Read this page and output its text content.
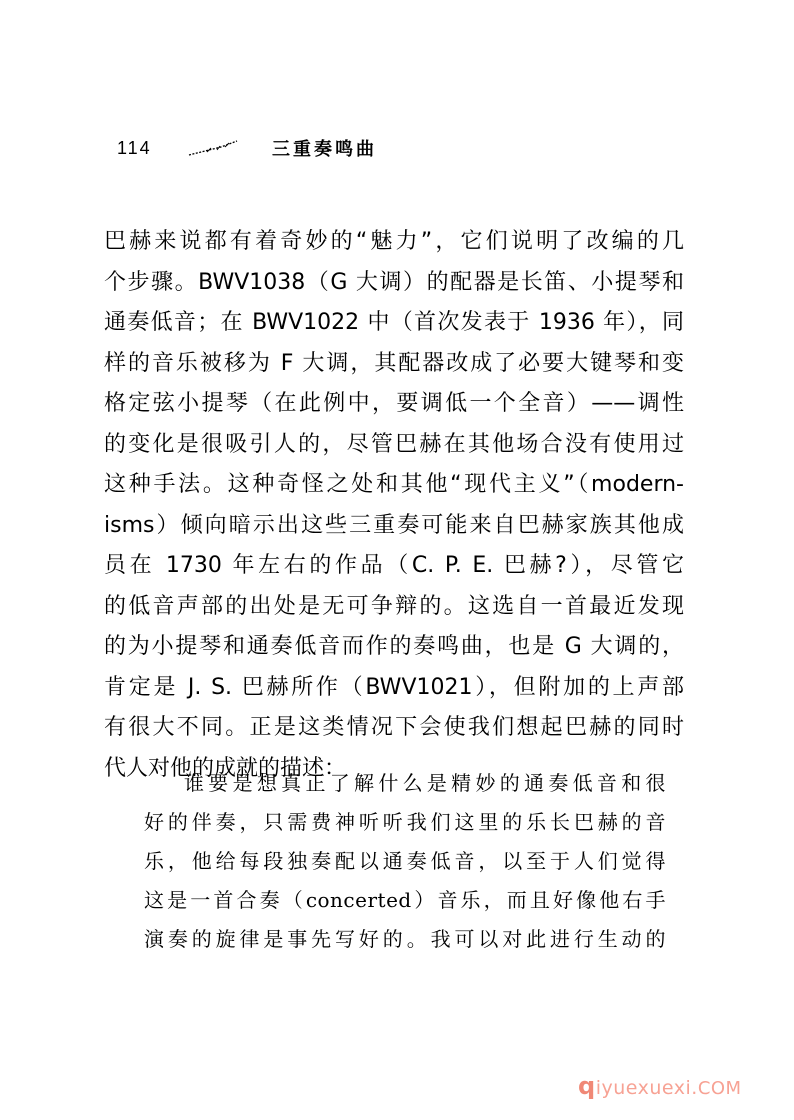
114	三重奏鸣曲
巴赫来说都有着奇妙的“魅力”，它们说明了改编的几
个步骤。BWV1038（G 大调）的配器是长笛、小提琴和
通奏低音；在 BWV1022 中（首次发表于 1936 年），同
样的音乐被移为 F 大调，其配器改成了必要大键琴和变
格定弦小提琴（在此例中，要调低一个全音）——调性
的变化是很吸引人的，尽管巴赫在其他场合没有使用过
这种手法。这种奇怪之处和其他“现代主义”（modern-
isms）倾向暗示出这些三重奏可能来自巴赫家族其他成
员在 1730 年左右的作品（C. P. E. 巴赫?），尽管它
的低音声部的出处是无可争辩的。这选自一首最近发现
的为小提琴和通奏低音而作的奏鸣曲，也是 G 大调的，
肯定是 J. S. 巴赫所作（BWV1021），但附加的上声部
有很大不同。正是这类情况下会使我们想起巴赫的同时
代人对他的成就的描述：
谁要是想真正了解什么是精妙的通奏低音和很
好的伴奏，只需费神听听我们这里的乐长巴赫的音
乐，他给每段独奏配以通奏低音，以至于人们觉得
这是一首合奏（concerted）音乐，而且好像他右手
演奏的旋律是事先写好的。我可以对此进行生动的
q iyuexuexi. COM
